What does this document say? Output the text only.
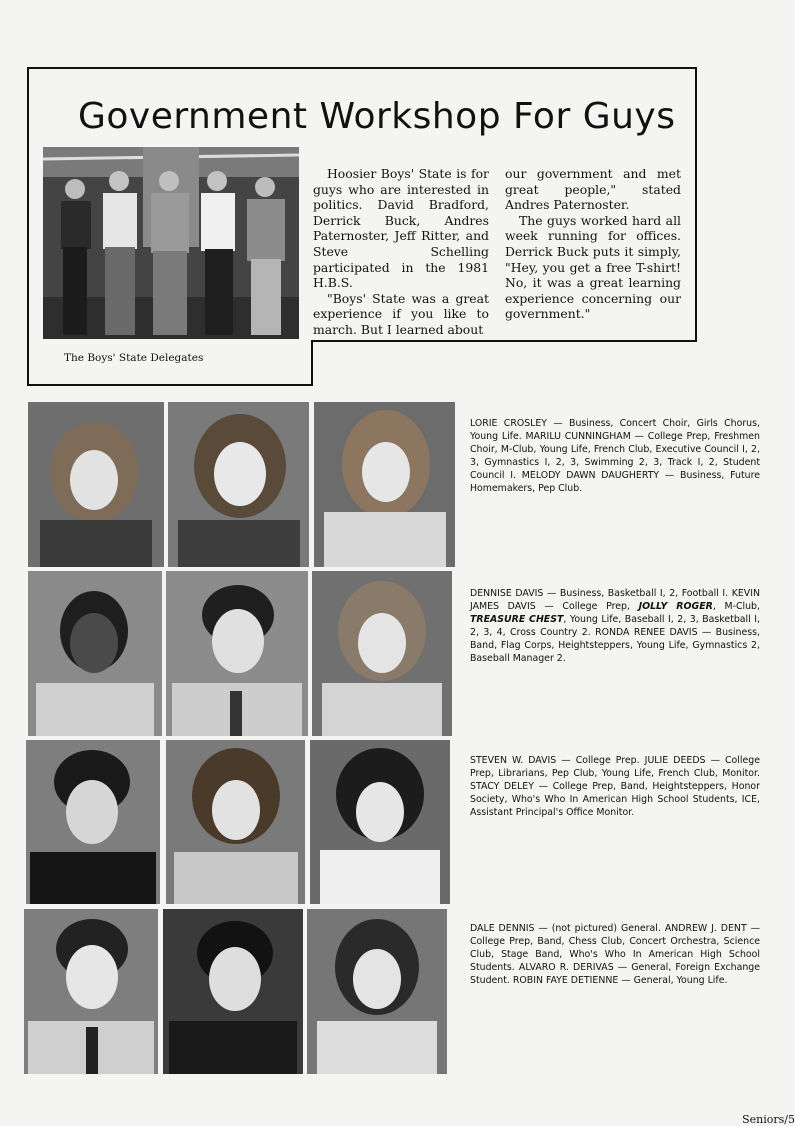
Government Workshop For Guys
The Boys' State Delegates

Hoosier Boys' State is for guys who are interested in politics. David Bradford, Derrick Buck, Andres Paternoster, Jeff Ritter, and Steve Schelling participated in the 1981 H.B.S.

"Boys' State was a great experience if you like to march. But I learned about

our government and met great people," stated Andres Paternoster.

The guys worked hard all week running for offices. Derrick Buck puts it simply, "Hey, you get a free T-shirt! No, it was a great learning experience concerning our government."

LORIE CROSLEY — Business, Concert Choir, Girls Chorus, Young Life. MARILU CUNNINGHAM — College Prep, Freshmen Choir, M-Club, Young Life, French Club, Executive Council I, 2, 3, Gymnastics I, 2, 3, Swimming 2, 3, Track I, 2, Student Council I. MELODY DAWN DAUGHERTY — Business, Future Homemakers, Pep Club.
DENNISE DAVIS — Business, Basketball I, 2, Football I. KEVIN JAMES DAVIS — College Prep, JOLLY ROGER, M-Club, TREASURE CHEST, Young Life, Baseball I, 2, 3, Basketball I, 2, 3, 4, Cross Country 2. RONDA RENEE DAVIS — Business, Band, Flag Corps, Heightsteppers, Young Life, Gymnastics 2, Baseball Manager 2.
STEVEN W. DAVIS — College Prep. JULIE DEEDS — College Prep, Librarians, Pep Club, Young Life, French Club, Monitor. STACY DELEY — College Prep, Band, Heightsteppers, Honor Society, Who's Who In American High School Students, ICE, Assistant Principal's Office Monitor.
DALE DENNIS — (not pictured) General. ANDREW J. DENT — College Prep, Band, Chess Club, Concert Orchestra, Science Club, Stage Band, Who's Who In American High School Students. ALVARO R. DERIVAS — General, Foreign Exchange Student. ROBIN FAYE DETIENNE — General, Young Life.
Seniors/5
